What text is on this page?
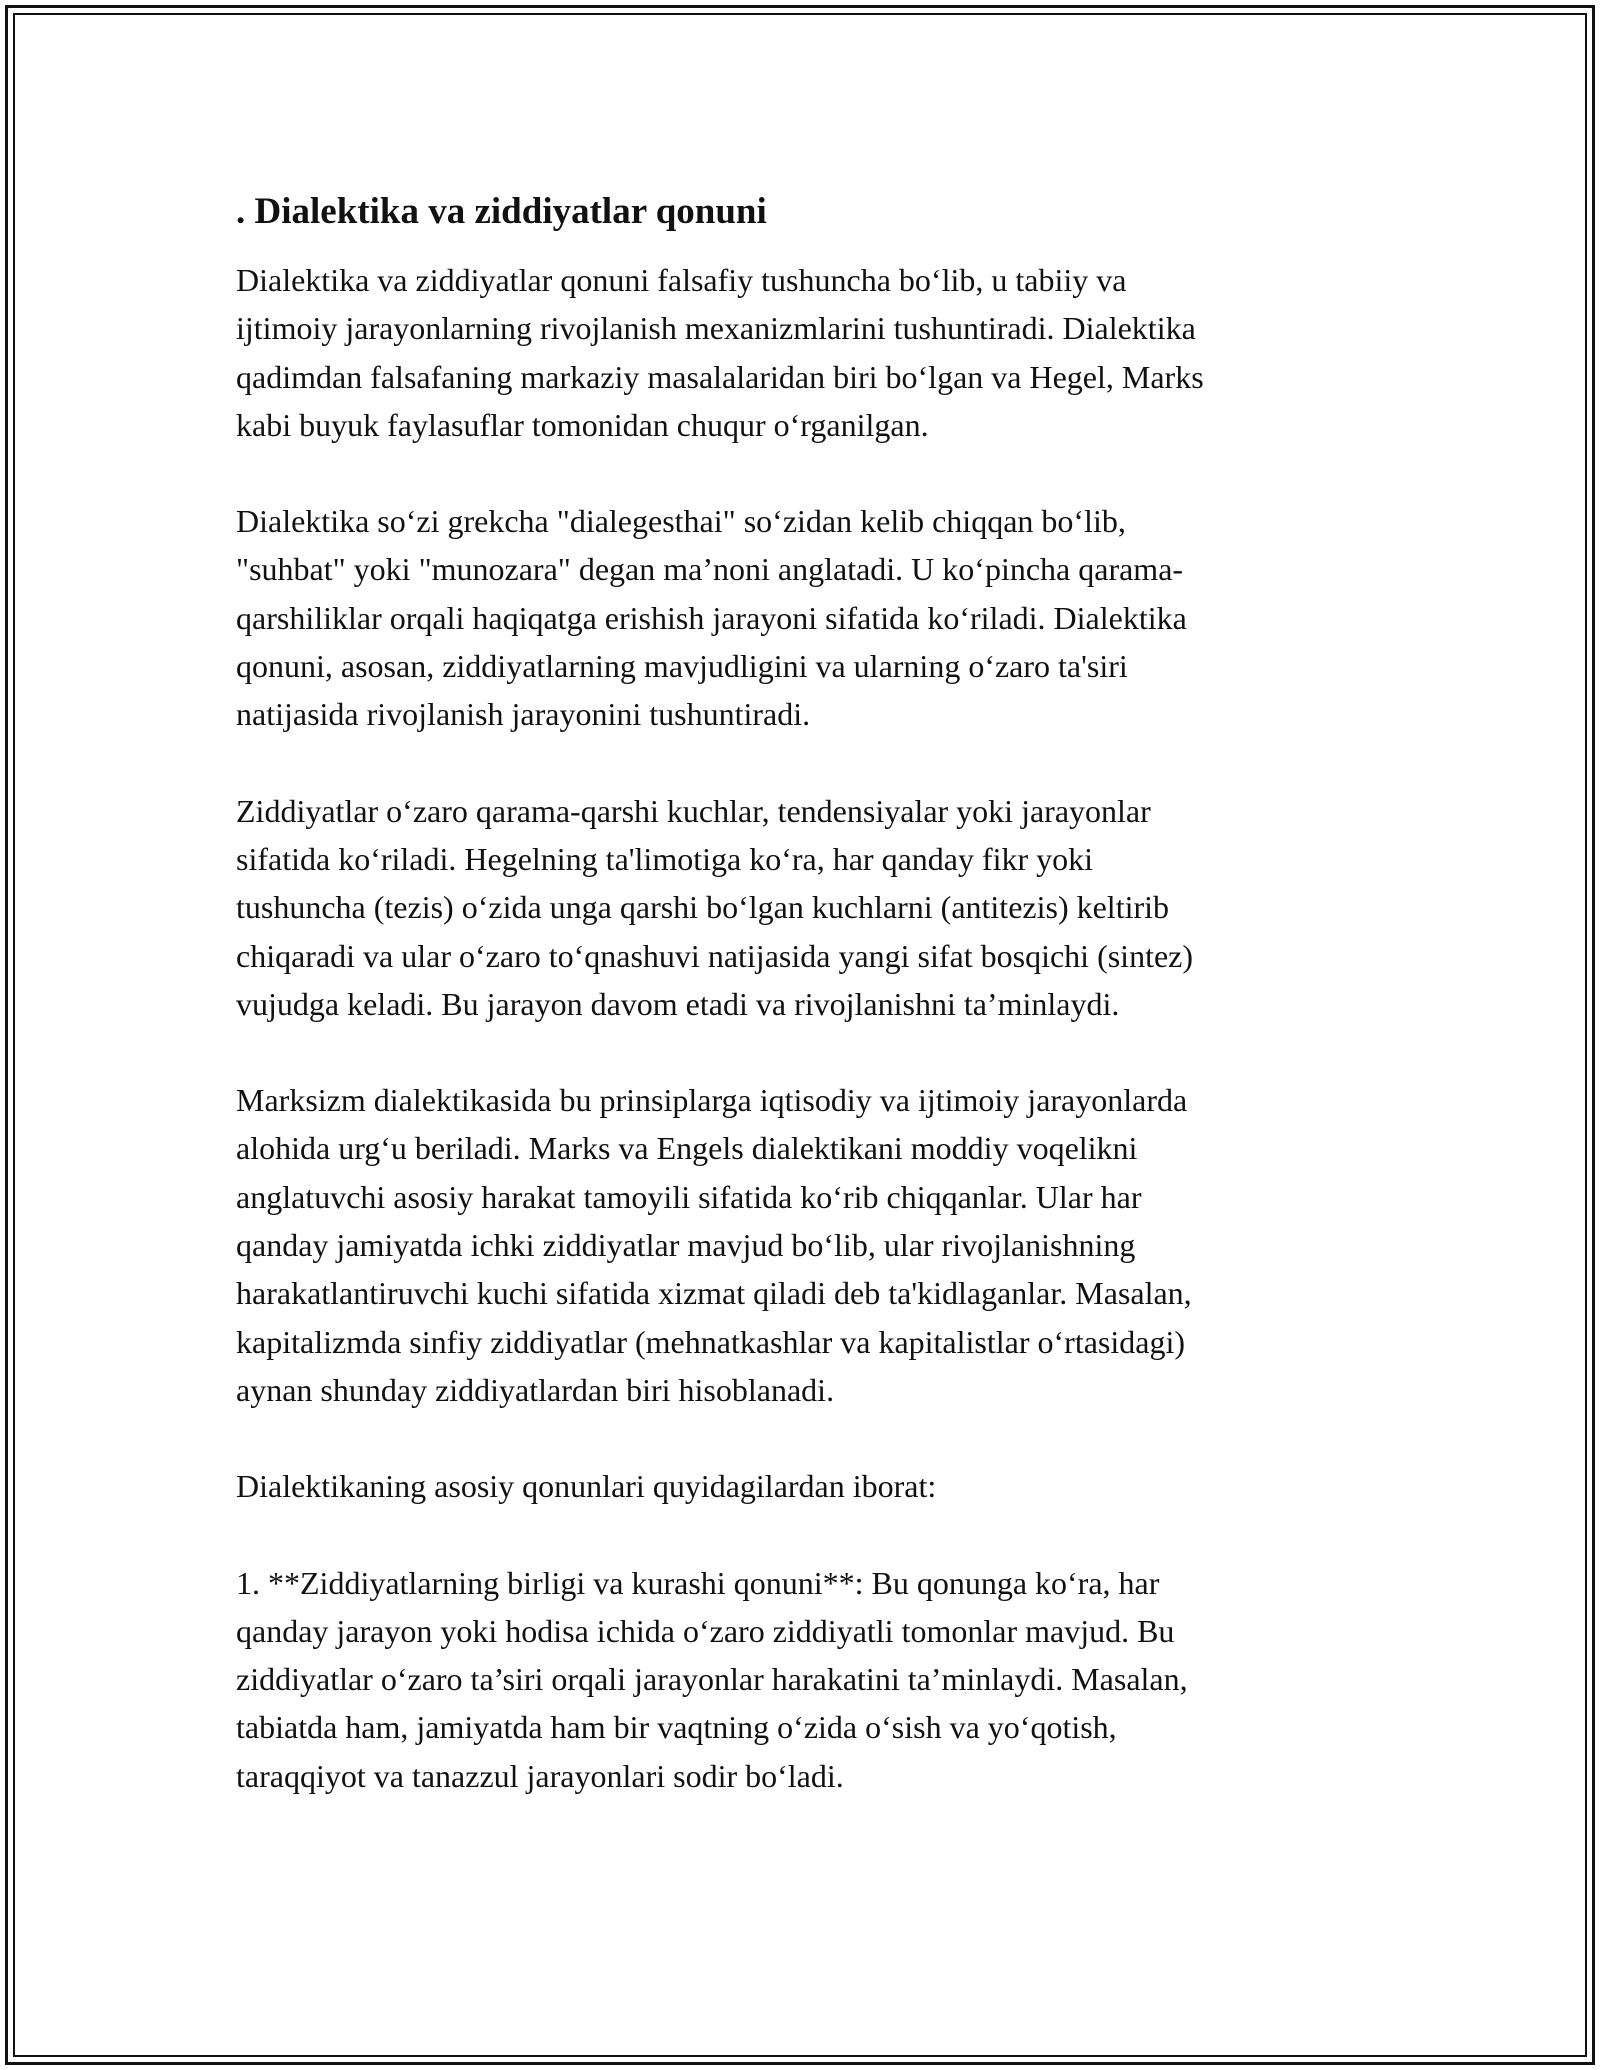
. Dialektika va ziddiyatlar qonuni

Dialektika va ziddiyatlar qonuni falsafiy tushuncha bo‘lib, u tabiiy va
ijtimoiy jarayonlarning rivojlanish mexanizmlarini tushuntiradi. Dialektika
qadimdan falsafaning markaziy masalalaridan biri bo‘lgan va Hegel, Marks
kabi buyuk faylasuflar tomonidan chuqur o‘rganilgan.

Dialektika so‘zi grekcha "dialegesthai" so‘zidan kelib chiqqan bo‘lib,
"suhbat" yoki "munozara" degan ma’noni anglatadi. U ko‘pincha qarama-
qarshiliklar orqali haqiqatga erishish jarayoni sifatida ko‘riladi. Dialektika
qonuni, asosan, ziddiyatlarning mavjudligini va ularning o‘zaro ta'siri
natijasida rivojlanish jarayonini tushuntiradi.

Ziddiyatlar o‘zaro qarama-qarshi kuchlar, tendensiyalar yoki jarayonlar
sifatida ko‘riladi. Hegelning ta'limotiga ko‘ra, har qanday fikr yoki
tushuncha (tezis) o‘zida unga qarshi bo‘lgan kuchlarni (antitezis) keltirib
chiqaradi va ular o‘zaro to‘qnashuvi natijasida yangi sifat bosqichi (sintez)
vujudga keladi. Bu jarayon davom etadi va rivojlanishni ta’minlaydi.

Marksizm dialektikasida bu prinsiplarga iqtisodiy va ijtimoiy jarayonlarda
alohida urg‘u beriladi. Marks va Engels dialektikani moddiy voqelikni
anglatuvchi asosiy harakat tamoyili sifatida ko‘rib chiqqanlar. Ular har
qanday jamiyatda ichki ziddiyatlar mavjud bo‘lib, ular rivojlanishning
harakatlantiruvchi kuchi sifatida xizmat qiladi deb ta'kidlaganlar. Masalan,
kapitalizmda sinfiy ziddiyatlar (mehnatkashlar va kapitalistlar o‘rtasidagi)
aynan shunday ziddiyatlardan biri hisoblanadi.

Dialektikaning asosiy qonunlari quyidagilardan iborat:

1. **Ziddiyatlarning birligi va kurashi qonuni**: Bu qonunga ko‘ra, har
qanday jarayon yoki hodisa ichida o‘zaro ziddiyatli tomonlar mavjud. Bu
ziddiyatlar o‘zaro ta’siri orqali jarayonlar harakatini ta’minlaydi. Masalan,
tabiatda ham, jamiyatda ham bir vaqtning o‘zida o‘sish va yo‘qotish,
taraqqiyot va tanazzul jarayonlari sodir bo‘ladi.
